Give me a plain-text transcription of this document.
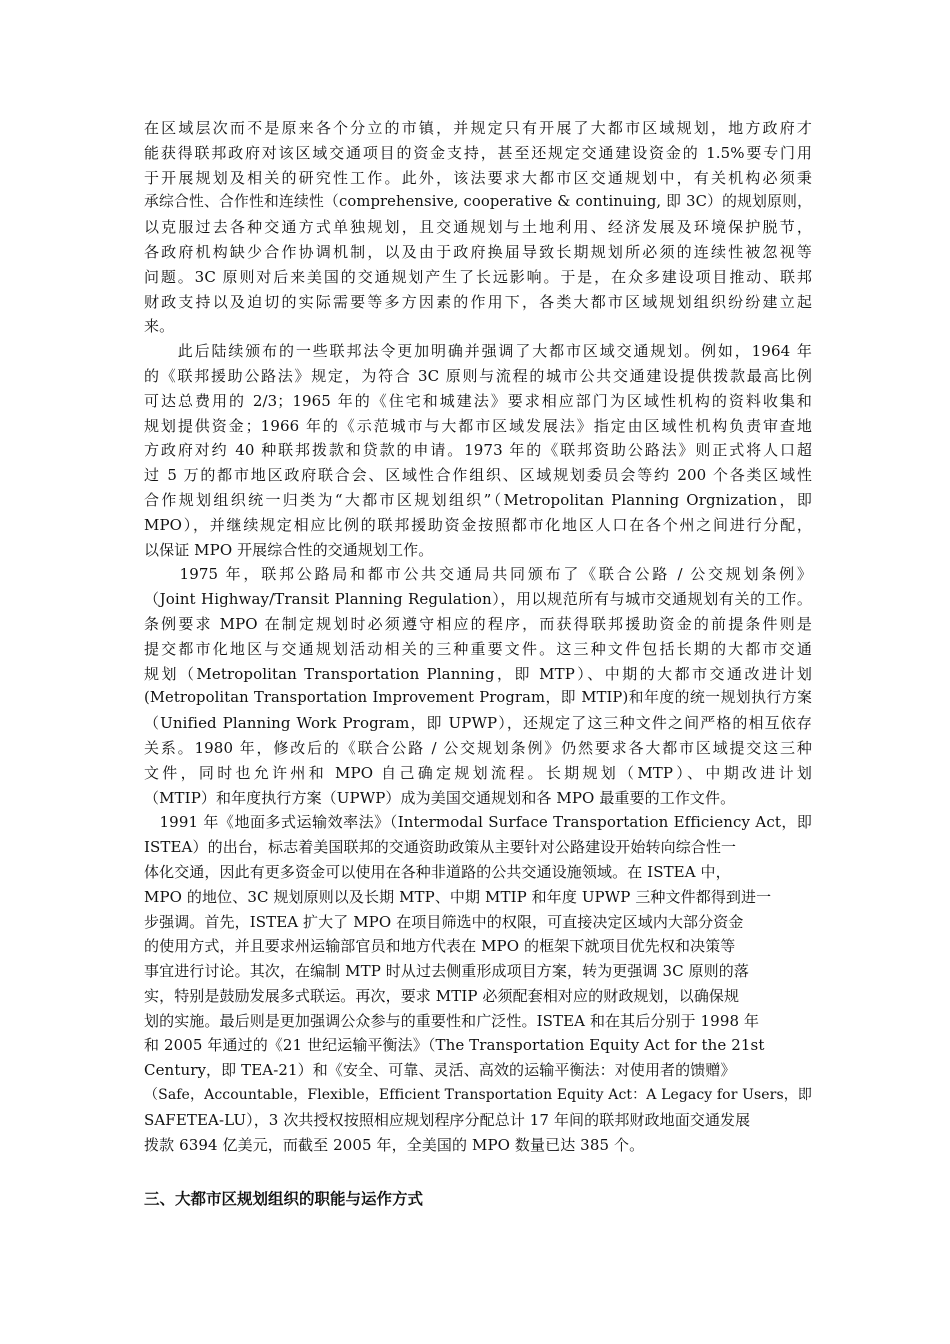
在区域层次而不是原来各个分立的市镇，并规定只有开展了大都市区域规划，地方政府才
能获得联邦政府对该区域交通项目的资金支持，甚至还规定交通建设资金的 1.5%要专门用
于开展规划及相关的研究性工作。此外，该法要求大都市区交通规划中，有关机构必须秉
承综合性、合作性和连续性（comprehensive, cooperative & continuing, 即 3C）的规划原则，
以克服过去各种交通方式单独规划，且交通规划与土地利用、经济发展及环境保护脱节，
各政府机构缺少合作协调机制，以及由于政府换届导致长期规划所必须的连续性被忽视等
问题。3C 原则对后来美国的交通规划产生了长远影响。于是，在众多建设项目推动、联邦
财政支持以及迫切的实际需要等多方因素的作用下，各类大都市区域规划组织纷纷建立起
来。
　　此后陆续颁布的一些联邦法令更加明确并强调了大都市区域交通规划。例如，1964 年
的《联邦援助公路法》规定，为符合 3C 原则与流程的城市公共交通建设提供拨款最高比例
可达总费用的 2/3；1965 年的《住宅和城建法》要求相应部门为区域性机构的资料收集和
规划提供资金；1966 年的《示范城市与大都市区域发展法》指定由区域性机构负责审查地
方政府对约 40 种联邦拨款和贷款的申请。1973 年的《联邦资助公路法》则正式将人口超
过 5 万的都市地区政府联合会、区域性合作组织、区域规划委员会等约 200 个各类区域性
合作规划组织统一归类为“大都市区规划组织”（Metropolitan Planning Orgnization，即
MPO），并继续规定相应比例的联邦援助资金按照都市化地区人口在各个州之间进行分配，
以保证 MPO 开展综合性的交通规划工作。
　　1975 年，联邦公路局和都市公共交通局共同颁布了《联合公路 / 公交规划条例》
（Joint Highway/Transit Planning Regulation），用以规范所有与城市交通规划有关的工作。
条例要求 MPO 在制定规划时必须遵守相应的程序，而获得联邦援助资金的前提条件则是
提交都市化地区与交通规划活动相关的三种重要文件。这三种文件包括长期的大都市交通
规划（Metropolitan Transportation Planning，即 MTP）、中期的大都市交通改进计划
(Metropolitan Transportation Improvement Program，即 MTIP)和年度的统一规划执行方案
（Unified Planning Work Program，即 UPWP），还规定了这三种文件之间严格的相互依存
关系。1980 年，修改后的《联合公路 / 公交规划条例》仍然要求各大都市区域提交这三种
文件，同时也允许州和 MPO 自己确定规划流程。长期规划（MTP）、中期改进计划
（MTIP）和年度执行方案（UPWP）成为美国交通规划和各 MPO 最重要的工作文件。
　1991 年《地面多式运输效率法》（Intermodal Surface Transportation Efficiency Act，即
ISTEA）的出台，标志着美国联邦的交通资助政策从主要针对公路建设开始转向综合性一
体化交通，因此有更多资金可以使用在各种非道路的公共交通设施领域。在 ISTEA 中，
MPO 的地位、3C 规划原则以及长期 MTP、中期 MTIP 和年度 UPWP 三种文件都得到进一
步强调。首先，ISTEA 扩大了 MPO 在项目筛选中的权限，可直接决定区域内大部分资金
的使用方式，并且要求州运输部官员和地方代表在 MPO 的框架下就项目优先权和决策等
事宜进行讨论。其次，在编制 MTP 时从过去侧重形成项目方案，转为更强调 3C 原则的落
实，特别是鼓励发展多式联运。再次，要求 MTIP 必须配套相对应的财政规划，以确保规
划的实施。最后则是更加强调公众参与的重要性和广泛性。ISTEA 和在其后分别于 1998 年
和 2005 年通过的《21 世纪运输平衡法》（The Transportation Equity Act for the 21st
Century，即 TEA-21）和《安全、可靠、灵活、高效的运输平衡法：对使用者的馈赠》
（Safe，Accountable，Flexible，Efficient Transportation Equity Act：A Legacy for Users，即
SAFETEA-LU），3 次共授权按照相应规划程序分配总计 17 年间的联邦财政地面交通发展
拨款 6394 亿美元，而截至 2005 年，全美国的 MPO 数量已达 385 个。
三、大都市区规划组织的职能与运作方式
